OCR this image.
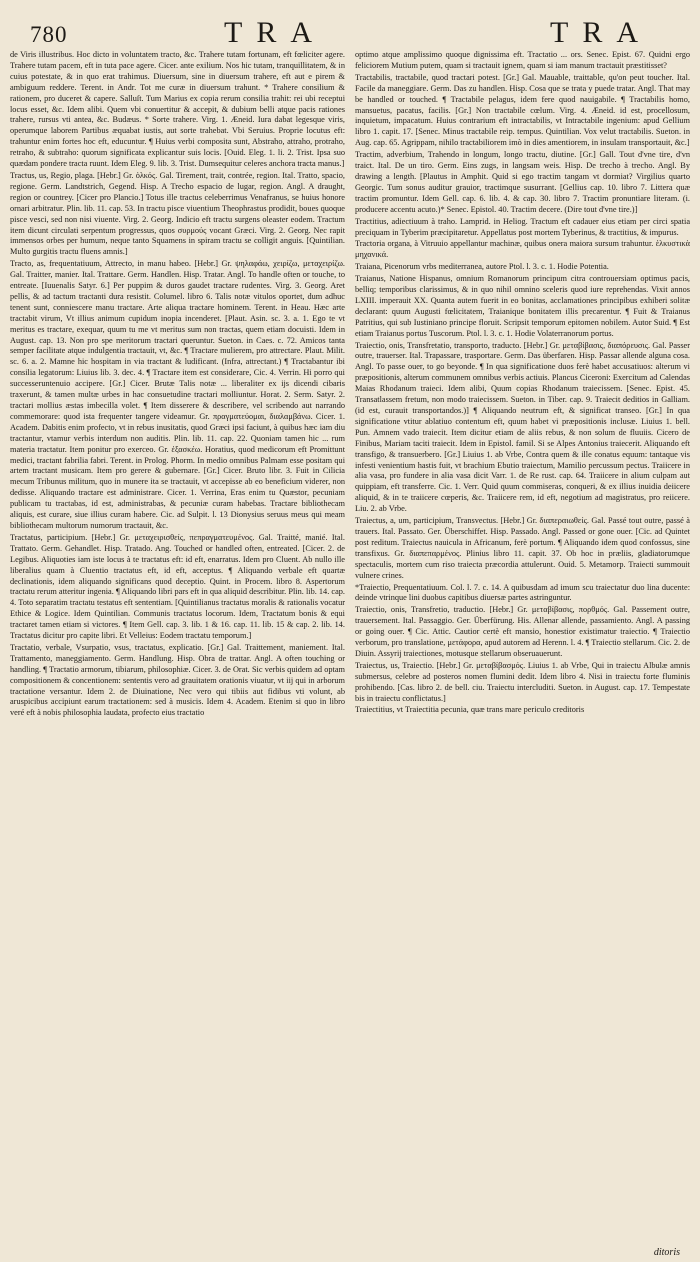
780	TRA	TRA

de Viris illustribus. Hoc dicto in voluntatem tracto, &c. Trahere tutam fortunam, eft fœliciter agere. Trahere tutam pacem, eft in tuta pace agere. Cicer. ante exilium. Nos hic tutam, tranquillitatem, & in cuius potestate, & in quo erat trahimus. Diuersum, sine in diuersum trahere, eft aut e pirem & ambiguum reddere. Terent. in Andr. Tot me curæ in diuersum trahunt. * Trahere consilium & rationem, pro duceret & capere. Salluſt. Tum Marius ex copia rerum consilia trahit: rei ubi receptui locus esset, &c. Idem alibi. Quem vbi conuertitur & accepit, & dubium belli atque pacis rationes trahere, rursus vti antea, &c. Budæus. * Sorte trahere. Virg. 1. Æneid. Iura dabat legesque viris, operumque laborem Partibus æquabat iustis, aut sorte trahebat. Vbi Seruius. Proprie locutus eft: trahuntur enim fortes hoc eft, educuntur. ¶ Huius verbi composita sunt, Abstraho, attraho, protraho, retraho, & subtraho: quorum significata explicantur suis locis. [Ouid. Eleg. 1. li. 2. Trist. Ipsa suo quædam pondere tracta ruunt. Idem Eleg. 9. lib. 3. Trist. Dumsequitur celeres anchora tracta manus.]

Tractus, us, Regio, plaga. [Hebr.] Gr. ὁλκός. Gal. Tirement, trait, contrée, region. Ital. Tratto, spacio, regione. Germ. Landtstrich, Gegend. Hisp. A Trecho espacio de lugar, region. Angl. A draught, region or countrey. [Cicer pro Plancio.] Totus ille tractus celeberrimus Venafranus, se huius honore ornari arbitratur. Plin. lib. 11. cap. 53. In tractu pisce viuentium Theophrastus prodidit, boues quoque pisce vesci, sed non nisi viuente. Virg. 2. Georg. Indicio eft tractu surgens oleaster eodem. Tractum item dicunt circulati serpentum progressus, quos συρμούς vocant Græci. Virg. 2. Georg. Nec rapit immensos orbes per humum, neque tanto Squamens in spiram tractu se colligit anguis. [Quintilian. Multo gurgitis tractu fluens amnis.]

Tracto, as, frequentatiuum, Attrecto, in manu habeo. [Hebr.] Gr. ψηλαφάω, χειρίζω, μεταχειρίζω. Gal. Traitter, manier. Ital. Trattare. Germ. Handlen. Hisp. Tratar. Angl. To handle often or touche, to entreate. [Iuuenalis Satyr. 6.] Per puppim & duros gaudet tractare rudentes. Virg. 3. Georg. Aret pellis, & ad tactum tractanti dura resistit. Columel. libro 6. Talis notæ vitulos oportet, dum adhuc tenent sunt, conniescere manu tractare. Arte aliqua tractare hominem. Terent. in Heau. Hæc arte tractabit virum, Vt illius animum cupidum inopia incenderet. [Plaut. Asin. sc. 3. a. 1. Ego te vt meritus es tractare, exequar, quum tu me vt meritus sum non tractas, quem etiam docuisti. Idem in August. cap. 13. Non pro spe meritorum tractari queruntur. Sueton. in Caes. c. 72. Amicos tanta semper facilitate atque indulgentia tractauit, vt, &c. ¶ Tractare mulierem, pro attrectare. Plaut. Milit. sc. 6. a. 2. Mamne hic hospitam in via tractant & ludificant. (Infra, attrectant.) ¶ Tractabantur ibi consilia legatorum: Liuius lib. 3. dec. 4. ¶ Tractare item est considerare, Cic. 4. Verrin. Hi porro qui successeruntenuio accipere. [Gr.] Cicer. Brutæ Talis notæ ... liberaliter ex ijs dicendi cibaris traxerunt, & tamen multæ urbes in hac consuetudine tractari molliuntur. Horat. 2. Serm. Satyr. 2. tractari mollius æstas imbecilla volet. ¶ Item disserere & describere, vel scribendo aut narrando commemorare: quod ista frequenter tangere videamur. Gr. πραγματεύομαι, διαλαμβάνω. Cicer. 1. Academ. Dabitis enim profecto, vt in rebus inusitatis, quod Græci ipsi faciunt, à quibus hæc iam diu tractantur, vtamur verbis interdum non auditis. Plin. lib. 11. cap. 22. Quoniam tamen hic ... rum materia tractatur. Item ponitur pro exerceo. Gr. ἐξασκέω. Horatius, quod medicorum eft Promittunt medici, tractant fabrilia fabri. Terent. in Prolog. Phorm. In medio omnibus Palmam esse positam qui artem tractant musicam. Item pro gerere & gubernare. [Gr.] Cicer. Bruto libr. 3. Fuit in Cilicia mecum Tribunus militum, quo in munere ita se tractauit, vt accepisse ab eo beneficium viderer, non dedisse. Aliquando tractare est administrare. Cicer. 1. Verrina, Eras enim tu Quæstor, pecuniam publicam tu tractabas, id est, administrabas, & pecuniæ curam habebas. Tractare bibliothecam aliquis, est curare, siue illius curam habere. Cic. ad Sulpit. l. 13 Dionysius seruus meus qui meam bibliothecam multorum numorum tractauit, &c.

Tractatus, participium. [Hebr.] Gr. μεταχειρισθείς, πεπραγματευμένος. Gal. Traitté, manié. Ital. Trattato. Germ. Gehandlet. Hisp. Tratado. Ang. Touched or handled often, entreated. [Cicer. 2. de Legibus. Aliquoties iam iste locus à te tractatus eft: id eft, enarratus. Idem pro Cluent. Ab nullo ille liberalius quam à Cluentio tractatus eft, id eft, acceptus. ¶ Aliquando verbale eft quartæ declinationis, idem aliquando significans quod deceptio. Quint. in Procem. libro 8. Aspertorum tractatu rerum atteritur ingenia. ¶ Aliquando libri pars eft in qua aliquid describitur. Plin. lib. 14. cap. 4. Toto separatim tractatu testatus eft sententiam. [Quintilianus tractatus moralis & rationalis vocatur Ethice & Logice. Idem Quintilian. Communis tractatus locorum. Idem, Tractatum bonis & equi tractaret tamen etiam si victores. ¶ Item Gell. cap. 3. lib. 1 & 16. cap. 11. lib. 15 & cap. 2. lib. 14. Tractatus dicitur pro capite libri. Et Velleius: Eodem tractatu temporum.]

Tractatio, verbale, Vsurpatio, vsus, tractatus, explicatio. [Gr.] Gal. Traittement, maniement. Ital. Trattamento, maneggiamento. Germ. Handlung. Hisp. Obra de trattar. Angl. A often touching or handling. ¶ Tractatio armorum, tibiarum, philosophiæ. Cicer. 3. de Orat. Sic verbis quidem ad optam compositionem & concentionem: sententis vero ad grauitatem orationis viuatur, vt iij qui in arborum tractatione versantur. Idem 2. de Diuinatione, Nec vero qui tibiis aut fidibus vti volunt, ab aruspicibus accipiunt earum tractationem: sed à musicis. Idem 4. Academ. Etenim si quo in libro veré eft à nobis philosophia laudata, profecto eius tractatio

optimo atque amplissimo quoque dignissima eft. Tractatio ... ors. Senec. Epist. 67. Quidni ergo feliciorem Mutium putem, quam si tractauit ignem, quam si iam manum tractauit præstitisset?

Tractabilis, tractabile, quod tractari potest. [Gr.] Gal. Mauable, traittable, qu'on peut toucher. Ital. Facile da maneggiare. Germ. Das zu handlen. Hisp. Cosa que se trata y puede tratar. Angl. That may be handled or touched. ¶ Tractabile pelagus, idem fere quod nauigabile. ¶ Tractabilis homo, mansuetus, pacatus, facilis. [Gr.] Non tractabile cœlum. Virg. 4. Æneid. id est, procellosum, inquietum, impacatum. Huius contrarium eft intractabilis, vt Intractabile ingenium: apud Gellium libro 1. capit. 17. [Senec. Minus tractabile reip. tempus. Quintilian. Vox velut tractabilis. Sueton. in Aug. cap. 65. Agrippam, nihilo tractabiliorem imò in dies amentiorem, in insulam transportauit, &c.]

Tractim, adverbium, Trahendo in longum, longo tractu, diutine. [Gr.] Gall. Tout d'vne tire, d'vn traict. Ital. De un tiro. Germ. Eins zugs, in langsam weis. Hisp. De trecho à trecho. Angl. By drawing a length. [Plautus in Amphit. Quid si ego tractim tangam vt dormiat? Virgilius quarto Georgic. Tum sonus auditur grauior, tractimque susurrant. [Gellius cap. 10. libro 7. Littera quæ tractim promuntur. Idem Gell. cap. 6. lib. 4. & cap. 30. libro 7. Tractim pronuntiare literam. (i. producere accentu acuto.)* Senec. Epistol. 40. Tractim decere. (Dire tout d'vne tire.)]

Tractitius, adiectiuum à traho. Lamprid. in Heliog. Tractum eft cadauer eius etiam per circi spatia preciquam in Tyberim præcipitaretur. Appellatus post mortem Tyberinus, & tractitius, & impurus.

Tractoria organa, à Vitruuio appellantur machinæ, quibus onera maiora sursum trahuntur. ἑλκυστικὰ μηχανικά.

Traiana, Picenorum vrbs mediterranea, autore Ptol. l. 3. c. 1. Hodie Potentia.

Traianus, Natione Hispanus, omnium Romanorum principum citra controuersiam optimus pacis, belliq; temporibus clarissimus, & in quo nihil omnino sceleris quod iure reprehendas. Vixit annos LXIII. imperauit XX. Quanta autem fuerit in eo bonitas, acclamationes principibus exhiberi solitæ declarant: quum Augusti fœlicitatem, Traianique bonitatem illis precarentur. ¶ Fuit & Traianus Patritius, qui sub Iustiniano principe floruit. Scripsit temporum epitomen nobilem. Autor Suid. ¶ Est etiam Traianus portus Tuscorum. Ptol. l. 3. c. 1. Hodie Volaterranorum portus.

Traiectio, onis, Transfretatio, transporto, traducto. [Hebr.] Gr. μεταβίβασις, διαπόρευσις. Gal. Passer outre, trauerser. Ital. Trapassare, trasportare. Germ. Das überfaren. Hisp. Passar allende alguna cosa. Angl. To passe ouer, to go beyonde. ¶ In qua significatione duos ferè habet accusatiuos: alterum vi præpositionis, alterum communem omnibus verbis actiuis. Plancus Ciceroni: Exercitum ad Calendas Maias Rhodanum traieci. Idem alibi, Quum copias Rhodanum traiecissem. [Senec. Epist. 45. Transatlassem fretum, non modo traiecissem. Sueton. in Tiber. cap. 9. Traiecit deditios in Galliam. (id est, curauit transportandos.)] ¶ Aliquando neutrum eft, & significat transeo. [Gr.] In qua significatione vtitur ablatiuo contentum eft, quum habet vi præpositionis inclusæ. Liuius 1. bell. Pun. Amnem vado traiecit. Item dicitur etiam de aliis rebus, & non solum de fluuiis. Cicero de Finibus, Mariam taciti traiecit. Idem in Epistol. famil. Si se Alpes Antonius traiecerit. Aliquando eft transfigo, & transuerbero. [Gr.] Liuius 1. ab Vrbe, Contra quem & ille conatus equum: tantaque vis infesti venientium hastis fuit, vt brachium Ebutio traiectum, Mamilio percussum pectus. Traiicere in alia vasa, pro fundere in alia vasa dicit Varr. 1. de Re rust. cap. 64. Traiicere in alium culpam aut quippiam, eft transferre. Cic. 1. Verr. Quid quum commiseras, conqueri, & ex illius inuidia deiicere aliquid, & in te traiicere cœperis, &c. Traiicere rem, id eft, negotium ad magistratus, pro reiicere. Liu. 2. ab Vrbe.

Traiectus, a, um, participium, Transvectus. [Hebr.] Gr. διαπεραιωθείς. Gal. Passé tout outre, passé à trauers. Ital. Passato. Ger. Überschiffet. Hisp. Passado. Angl. Passed or gone ouer. [Cic. ad Quintet post reditum. Traiectus nauicula in Africanum, ferè portum. ¶ Aliquando idem quod confossus, sine transfixus. Gr. διαπεπαρμένος. Plinius libro 11. capit. 37. Ob hoc in præliis, gladiatorumque spectaculis, mortem cum riso traiecta præcordia attulerunt. Ouid. 5. Metamorp. Traiecti summouit vulnere crines.

*Traiectio, Prequentatiuum. Col. l. 7. c. 14. A quibusdam ad imum scu traiectatur duo lina ducente: deinde vtrinque lini duobus capitibus diuersæ partes astringuntur.

Traiectio, onis, Transfretio, traductio. [Hebr.] Gr. μεταβίβασις, πορθμός. Gal. Passement outre, trauersement. Ital. Passaggio. Ger. Überfürung. His. Allenar allende, passamiento. Angl. A passing or going ouer. ¶ Cic. Attic. Cautior certè eft mansio, honestior existimatur traiectio. ¶ Traiectio verborum, pro translatione, μετάφορα, apud autorem ad Herenn. l. 4. ¶ Traiectio stellarum. Cic. 2. de Diuin. Assyrij traiectiones, motusque stellarum obseruauerunt.

Traiectus, us, Traiectio. [Hebr.] Gr. μεταβίβασμός. Liuius 1. ab Vrbe, Qui in traiectu Albulæ amnis submersus, celebre ad posteros nomen flumini dedit. Idem libro 4. Nisi in traiectu forte fluminis prohibendo. [Cas. libro 2. de bell. ciu. Traiectu intercluditi. Sueton. in August. cap. 17. Tempestate bis in traiectu conflictatus.]

Traiectitius, vt Traiectitia pecunia, quæ trans mare periculo creditoris

ditoris
